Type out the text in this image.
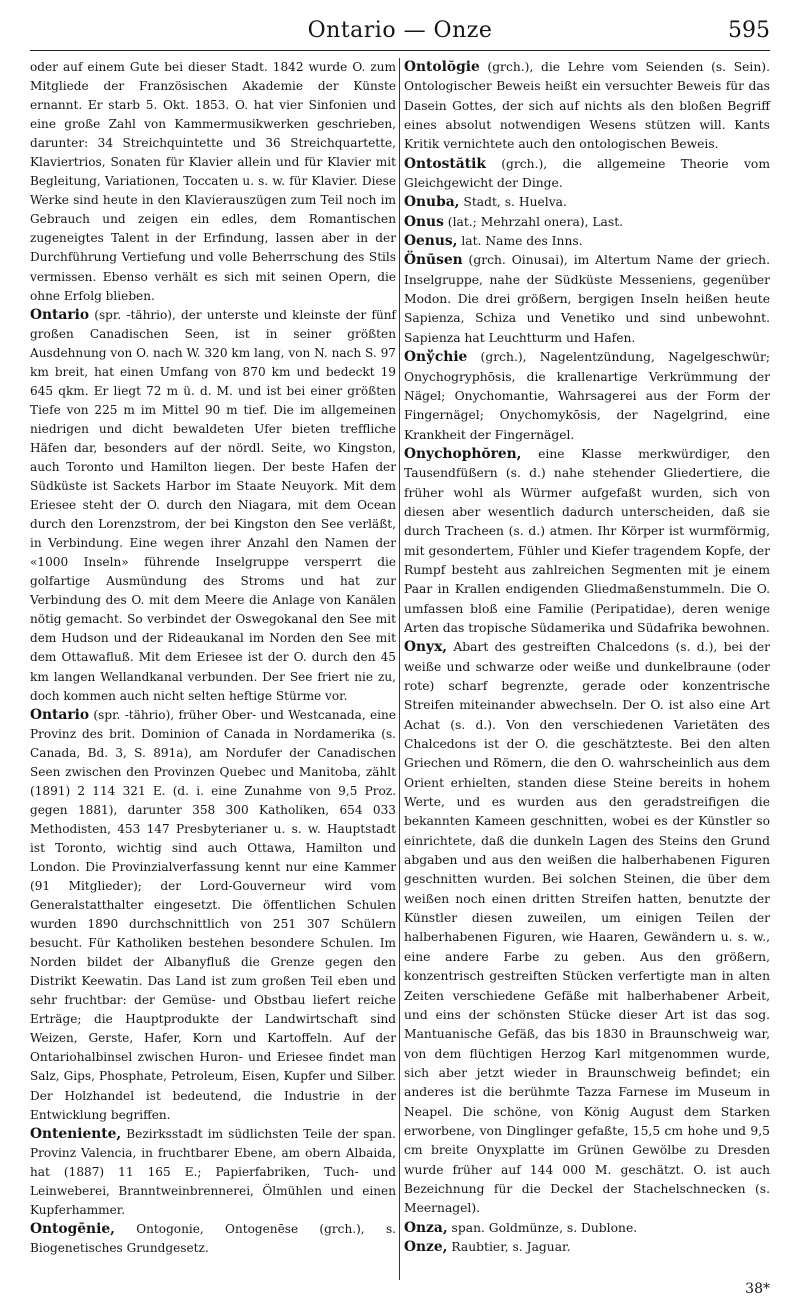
Ontario — Onze	595

oder auf einem Gute bei dieser Stadt. 1842 wurde O. zum Mitgliede der Französischen Akademie der Künste ernannt. Er starb 5. Okt. 1853. O. hat vier Sinfonien und eine große Zahl von Kammermusikwerken geschrieben, darunter: 34 Streichquintette und 36 Streichquartette, Klaviertrios, Sonaten für Klavier allein und für Klavier mit Begleitung, Variationen, Toccaten u. s. w. für Klavier. Diese Werke sind heute in den Klavierauszügen zum Teil noch im Gebrauch und zeigen ein edles, dem Romantischen zugeneigtes Talent in der Erfindung, lassen aber in der Durchführung Vertiefung und volle Beherrschung des Stils vermissen. Ebenso verhält es sich mit seinen Opern, die ohne Erfolg blieben.

Ontario (spr. -tährio), der unterste und kleinste der fünf großen Canadischen Seen, ist in seiner größten Ausdehnung von O. nach W. 320 km lang, von N. nach S. 97 km breit, hat einen Umfang von 870 km und bedeckt 19 645 qkm. Er liegt 72 m ü. d. M. und ist bei einer größten Tiefe von 225 m im Mittel 90 m tief. Die im allgemeinen niedrigen und dicht bewaldeten Ufer bieten treffliche Häfen dar, besonders auf der nördl. Seite, wo Kingston, auch Toronto und Hamilton liegen. Der beste Hafen der Südküste ist Sackets Harbor im Staate Neuyork. Mit dem Eriesee steht der O. durch den Niagara, mit dem Ocean durch den Lorenzstrom, der bei Kingston den See verläßt, in Verbindung. Eine wegen ihrer Anzahl den Namen der «1000 Inseln» führende Inselgruppe versperrt die golfartige Ausmündung des Stroms und hat zur Verbindung des O. mit dem Meere die Anlage von Kanälen nötig gemacht. So verbindet der Oswegokanal den See mit dem Hudson und der Rideaukanal im Norden den See mit dem Ottawafluß. Mit dem Eriesee ist der O. durch den 45 km langen Wellandkanal verbunden. Der See friert nie zu, doch kommen auch nicht selten heftige Stürme vor.

Ontario (spr. -tährio), früher Ober- und Westcanada, eine Provinz des brit. Dominion of Canada in Nordamerika (s. Canada, Bd. 3, S. 891a), am Nordufer der Canadischen Seen zwischen den Provinzen Quebec und Manitoba, zählt (1891) 2 114 321 E. (d. i. eine Zunahme von 9,5 Proz. gegen 1881), darunter 358 300 Katholiken, 654 033 Methodisten, 453 147 Presbyterianer u. s. w. Hauptstadt ist Toronto, wichtig sind auch Ottawa, Hamilton und London. Die Provinzialverfassung kennt nur eine Kammer (91 Mitglieder); der Lord-Gouverneur wird vom Generalstatthalter eingesetzt. Die öffentlichen Schulen wurden 1890 durchschnittlich von 251 307 Schülern besucht. Für Katholiken bestehen besondere Schulen. Im Norden bildet der Albanyfluß die Grenze gegen den Distrikt Keewatin. Das Land ist zum großen Teil eben und sehr fruchtbar: der Gemüse- und Obstbau liefert reiche Erträge; die Hauptprodukte der Landwirtschaft sind Weizen, Gerste, Hafer, Korn und Kartoffeln. Auf der Ontariohalbinsel zwischen Huron- und Eriesee findet man Salz, Gips, Phosphate, Petroleum, Eisen, Kupfer und Silber. Der Holzhandel ist bedeutend, die Industrie in der Entwicklung begriffen.

Onteniente, Bezirksstadt im südlichsten Teile der span. Provinz Valencia, in fruchtbarer Ebene, am obern Albaida, hat (1887) 11 165 E.; Papierfabriken, Tuch- und Leinweberei, Branntweinbrennerei, Ölmühlen und einen Kupferhammer.

Ontogēnie, Ontogonie, Ontogenēse (grch.), s. Biogenetisches Grundgesetz.

Ontolŏgie (grch.), die Lehre vom Seienden (s. Sein). Ontologischer Beweis heißt ein versuchter Beweis für das Dasein Gottes, der sich auf nichts als den bloßen Begriff eines absolut notwendigen Wesens stützen will. Kants Kritik vernichtete auch den ontologischen Beweis.

Ontostătik (grch.), die allgemeine Theorie vom Gleichgewicht der Dinge.

Onuba, Stadt, s. Huelva.

Onus (lat.; Mehrzahl onera), Last.

Oenus, lat. Name des Inns.

Önūsen (grch. Oinusai), im Altertum Name der griech. Inselgruppe, nahe der Südküste Messeniens, gegenüber Modon. Die drei größern, bergigen Inseln heißen heute Sapienza, Schiza und Venetiko und sind unbewohnt. Sapienza hat Leuchtturm und Hafen.

Onўchie (grch.), Nagelentzündung, Nagelgeschwür; Onychogryphōsis, die krallenartige Verkrümmung der Nägel; Onychomantie, Wahrsagerei aus der Form der Fingernägel; Onychomykōsis, der Nagelgrind, eine Krankheit der Fingernägel.

Onychophŏren, eine Klasse merkwürdiger, den Tausendfüßern (s. d.) nahe stehender Gliedertiere, die früher wohl als Würmer aufgefaßt wurden, sich von diesen aber wesentlich dadurch unterscheiden, daß sie durch Tracheen (s. d.) atmen. Ihr Körper ist wurmförmig, mit gesondertem, Fühler und Kiefer tragendem Kopfe, der Rumpf besteht aus zahlreichen Segmenten mit je einem Paar in Krallen endigenden Gliedmaßenstummeln. Die O. umfassen bloß eine Familie (Peripatidae), deren wenige Arten das tropische Südamerika und Südafrika bewohnen.

Onyx, Abart des gestreiften Chalcedons (s. d.), bei der weiße und schwarze oder weiße und dunkelbraune (oder rote) scharf begrenzte, gerade oder konzentrische Streifen miteinander abwechseln. Der O. ist also eine Art Achat (s. d.). Von den verschiedenen Varietäten des Chalcedons ist der O. die geschätzteste. Bei den alten Griechen und Römern, die den O. wahrscheinlich aus dem Orient erhielten, standen diese Steine bereits in hohem Werte, und es wurden aus den geradstreifigen die bekannten Kameen geschnitten, wobei es der Künstler so einrichtete, daß die dunkeln Lagen des Steins den Grund abgaben und aus den weißen die halberhabenen Figuren geschnitten wurden. Bei solchen Steinen, die über dem weißen noch einen dritten Streifen hatten, benutzte der Künstler diesen zuweilen, um einigen Teilen der halberhabenen Figuren, wie Haaren, Gewändern u. s. w., eine andere Farbe zu geben. Aus den größern, konzentrisch gestreiften Stücken verfertigte man in alten Zeiten verschiedene Gefäße mit halberhabener Arbeit, und eins der schönsten Stücke dieser Art ist das sog. Mantuanische Gefäß, das bis 1830 in Braunschweig war, von dem flüchtigen Herzog Karl mitgenommen wurde, sich aber jetzt wieder in Braunschweig befindet; ein anderes ist die berühmte Tazza Farnese im Museum in Neapel. Die schöne, von König August dem Starken erworbene, von Dinglinger gefaßte, 15,5 cm hohe und 9,5 cm breite Onyxplatte im Grünen Gewölbe zu Dresden wurde früher auf 144 000 M. geschätzt. O. ist auch Bezeichnung für die Deckel der Stachelschnecken (s. Meernagel).

Onza, span. Goldmünze, s. Dublone.

Onze, Raubtier, s. Jaguar.

38*
